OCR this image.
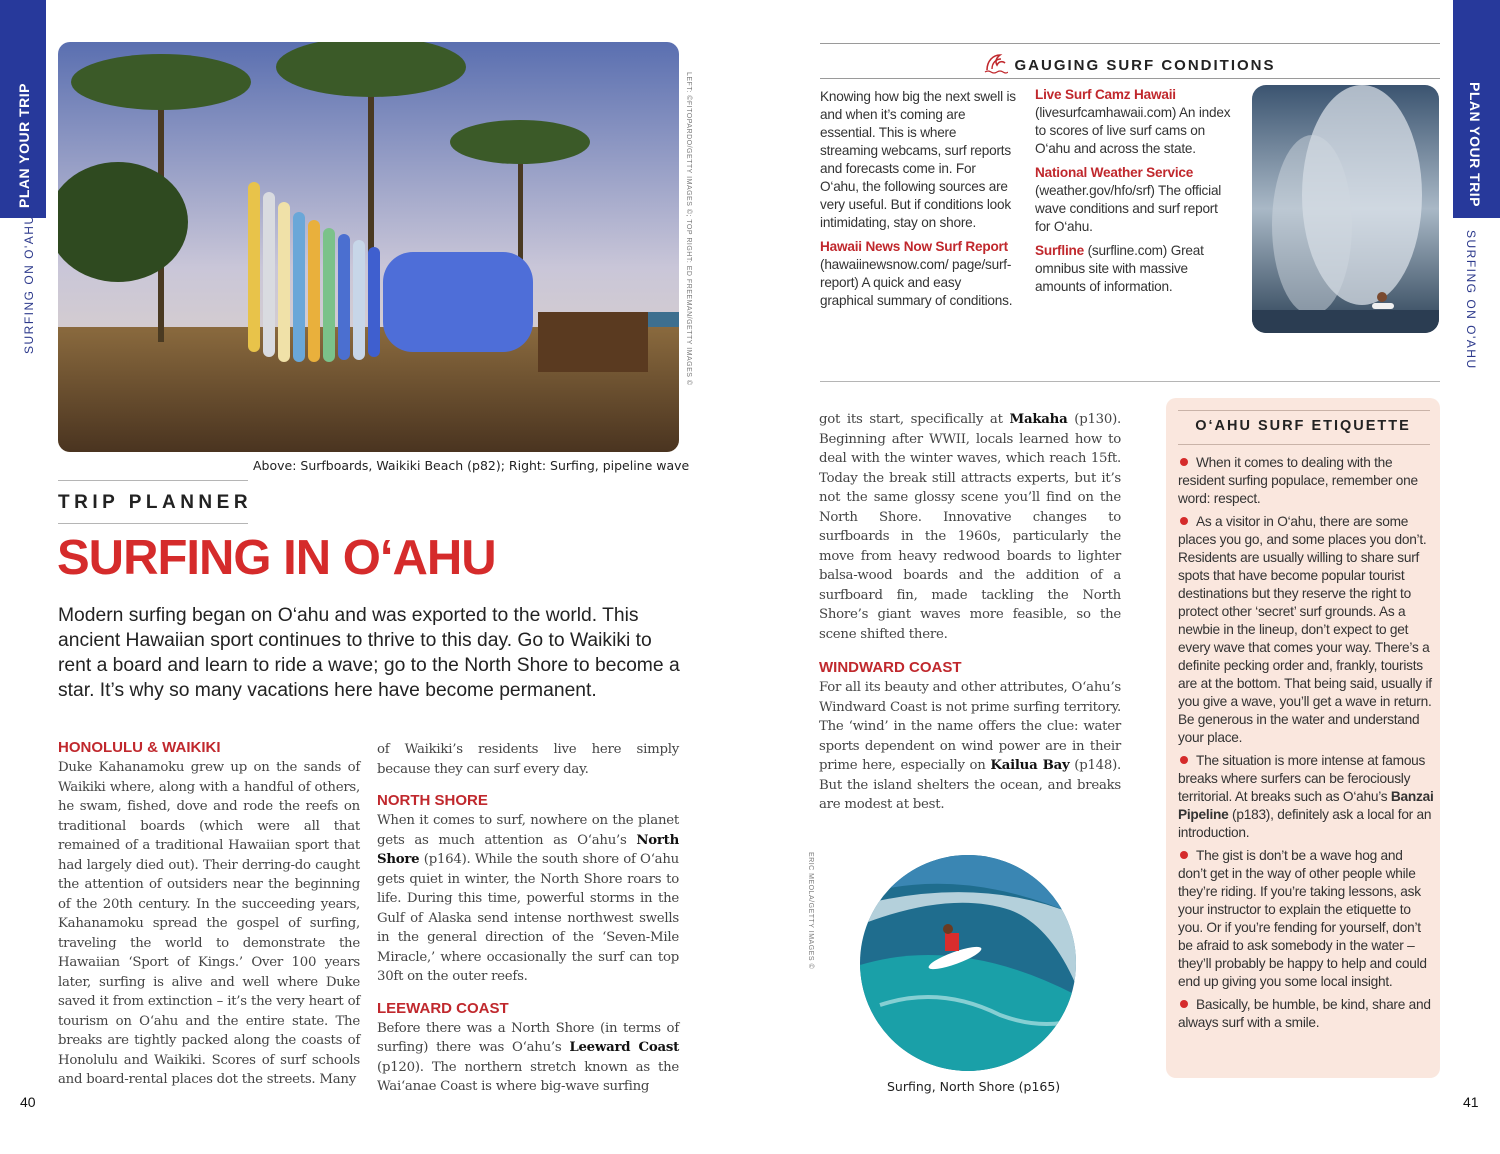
PLAN YOUR TRIP
SURFING ON O'AHU
PLAN YOUR TRIP
SURFING ON O'AHU
LEFT: ©FITOPARDO/GETTY IMAGES ©; TOP RIGHT: ED FREEMAN/GETTY IMAGES ©
Above: Surfboards, Waikiki Beach (p82); Right: Surfing, pipeline wave
TRIP PLANNER
SURFING IN O‘AHU
Modern surfing began on O‘ahu and was exported to the world. This ancient Hawaiian sport continues to thrive to this day. Go to Waikiki to rent a board and learn to ride a wave; go to the North Shore to become a star. It’s why so many vacations here have become permanent.
HONOLULU & WAIKIKI
Duke Kahanamoku grew up on the sands of Waikiki where, along with a handful of others, he swam, fished, dove and rode the reefs on traditional boards (which were all that remained of a traditional Hawaiian sport that had largely died out). Their derring-do caught the attention of outsiders near the beginning of the 20th century. In the succeeding years, Kahanamoku spread the gospel of surfing, traveling the world to demonstrate the Hawaiian ‘Sport of Kings.’ Over 100 years later, surfing is alive and well where Duke saved it from extinction – it’s the very heart of tourism on O‘ahu and the entire state. The breaks are tightly packed along the coasts of Honolulu and Waikiki. Scores of surf schools and board-rental places dot the streets. Many
of Waikiki’s residents live here simply because they can surf every day.
NORTH SHORE
When it comes to surf, nowhere on the planet gets as much attention as O‘ahu’s North Shore (p164). While the south shore of O‘ahu gets quiet in winter, the North Shore roars to life. During this time, powerful storms in the Gulf of Alaska send intense northwest swells in the general direction of the ‘Seven-Mile Miracle,’ where occasionally the surf can top 30ft on the outer reefs.
LEEWARD COAST
Before there was a North Shore (in terms of surfing) there was O‘ahu’s Leeward Coast (p120). The northern stretch known as the Wai‘anae Coast is where big-wave surfing
40
GAUGING SURF CONDITIONS

Knowing how big the next swell is and when it’s coming are essential. This is where streaming webcams, surf reports and forecasts come in. For O‘ahu, the following sources are very useful. But if conditions look intimidating, stay on shore.

Hawaii News Now Surf Report (hawaiinewsnow.com/ page/surf-report) A quick and easy graphical summary of conditions.

Live Surf Camz Hawaii (livesurfcamhawaii.com) An index to scores of live surf cams on O‘ahu and across the state.

National Weather Service (weather.gov/hfo/srf) The official wave conditions and surf report for O‘ahu.

Surfline (surfline.com) Great omnibus site with massive amounts of information.

got its start, specifically at Makaha (p130). Beginning after WWII, locals learned how to deal with the winter waves, which reach 15ft. Today the break still attracts experts, but it’s not the same glossy scene you’ll find on the North Shore. Innovative changes to surfboards in the 1960s, particularly the move from heavy redwood boards to lighter balsa-wood boards and the addition of a surfboard fin, made tackling the North Shore’s giant waves more feasible, so the scene shifted there.
WINDWARD COAST
For all its beauty and other attributes, O‘ahu’s Windward Coast is not prime surfing territory. The ‘wind’ in the name offers the clue: water sports dependent on wind power are in their prime here, especially on Kailua Bay (p148). But the island shelters the ocean, and breaks are modest at best.
ERIC MEOLA/GETTY IMAGES ©
Surfing, North Shore (p165)
O‘AHU SURF ETIQUETTE
When it comes to dealing with the resident surfing populace, remember one word: respect.
As a visitor in O‘ahu, there are some places you go, and some places you don’t. Residents are usually willing to share surf spots that have become popular tourist destinations but they reserve the right to protect other ‘secret’ surf grounds. As a newbie in the lineup, don’t expect to get every wave that comes your way. There’s a definite pecking order and, frankly, tourists are at the bottom. That being said, usually if you give a wave, you’ll get a wave in return. Be generous in the water and understand your place.
The situation is more intense at famous breaks where surfers can be ferociously territorial. At breaks such as O‘ahu’s Banzai Pipeline (p183), definitely ask a local for an introduction.
The gist is don’t be a wave hog and don’t get in the way of other people while they’re riding. If you’re taking lessons, ask your instructor to explain the etiquette to you. Or if you’re fending for yourself, don’t be afraid to ask somebody in the water – they’ll probably be happy to help and could end up giving you some local insight.
Basically, be humble, be kind, share and always surf with a smile.
41
